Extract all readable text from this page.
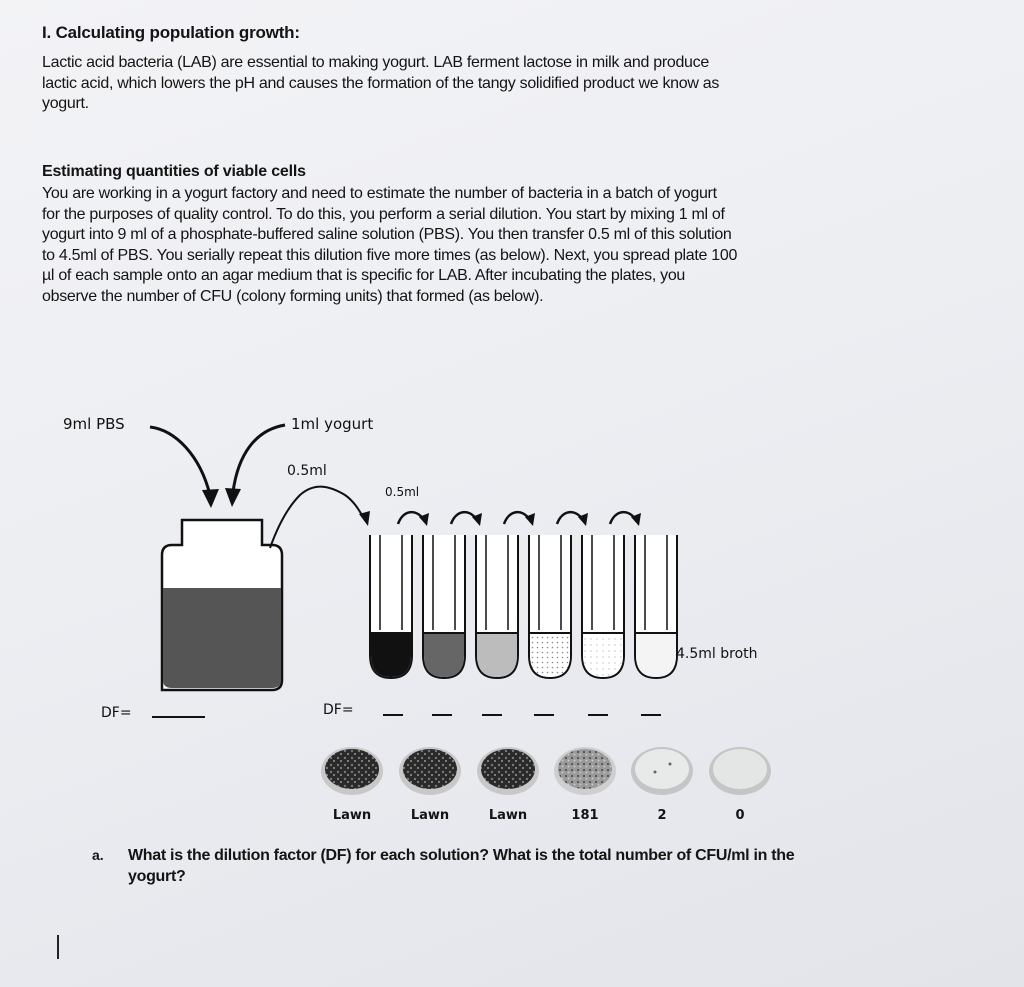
I. Calculating population growth:
Lactic acid bacteria (LAB) are essential to making yogurt. LAB ferment lactose in milk and produce
lactic acid, which lowers the pH and causes the formation of the tangy solidified product we know as
yogurt.
Estimating quantities of viable cells
You are working in a yogurt factory and need to estimate the number of bacteria in a batch of yogurt
for the purposes of quality control. To do this, you perform a serial dilution. You start by mixing 1 ml of
yogurt into 9 ml of a phosphate-buffered saline solution (PBS). You then transfer 0.5 ml of this solution
to 4.5ml of PBS. You serially repeat this dilution five more times (as below). Next, you spread plate 100
µl of each sample onto an agar medium that is specific for LAB. After incubating the plates, you
observe the number of CFU (colony forming units) that formed (as below).
9ml PBS	1ml yogurt
0.5ml
0.5ml
4.5ml broth
DF=	DF=
Lawn	Lawn	Lawn	181	2	0
a. What is the dilution factor (DF) for each solution? What is the total number of CFU/ml in the
yogurt?
